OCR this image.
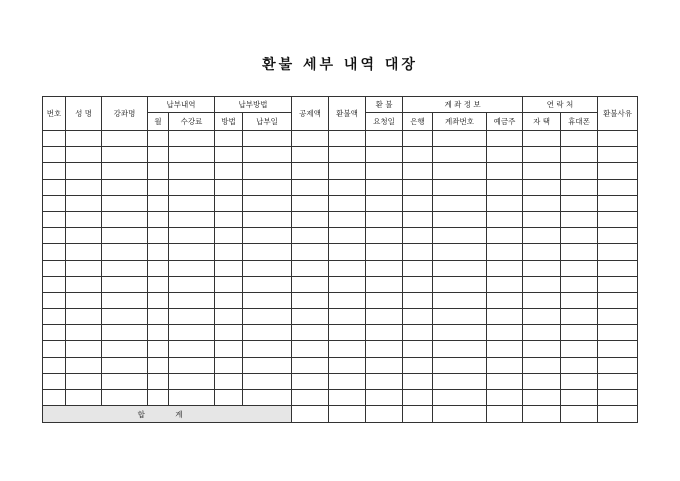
환불 세부 내역 대장
번호	성 명	강좌명	납부내역		납부방법		공제액	환불액	환 불	계 좌 정 보			연 락 처		환불사유
			월	수강료	방법	납부일			요청일	은행	계좌번호	예금주	자 택	휴대폰	

합 계															
